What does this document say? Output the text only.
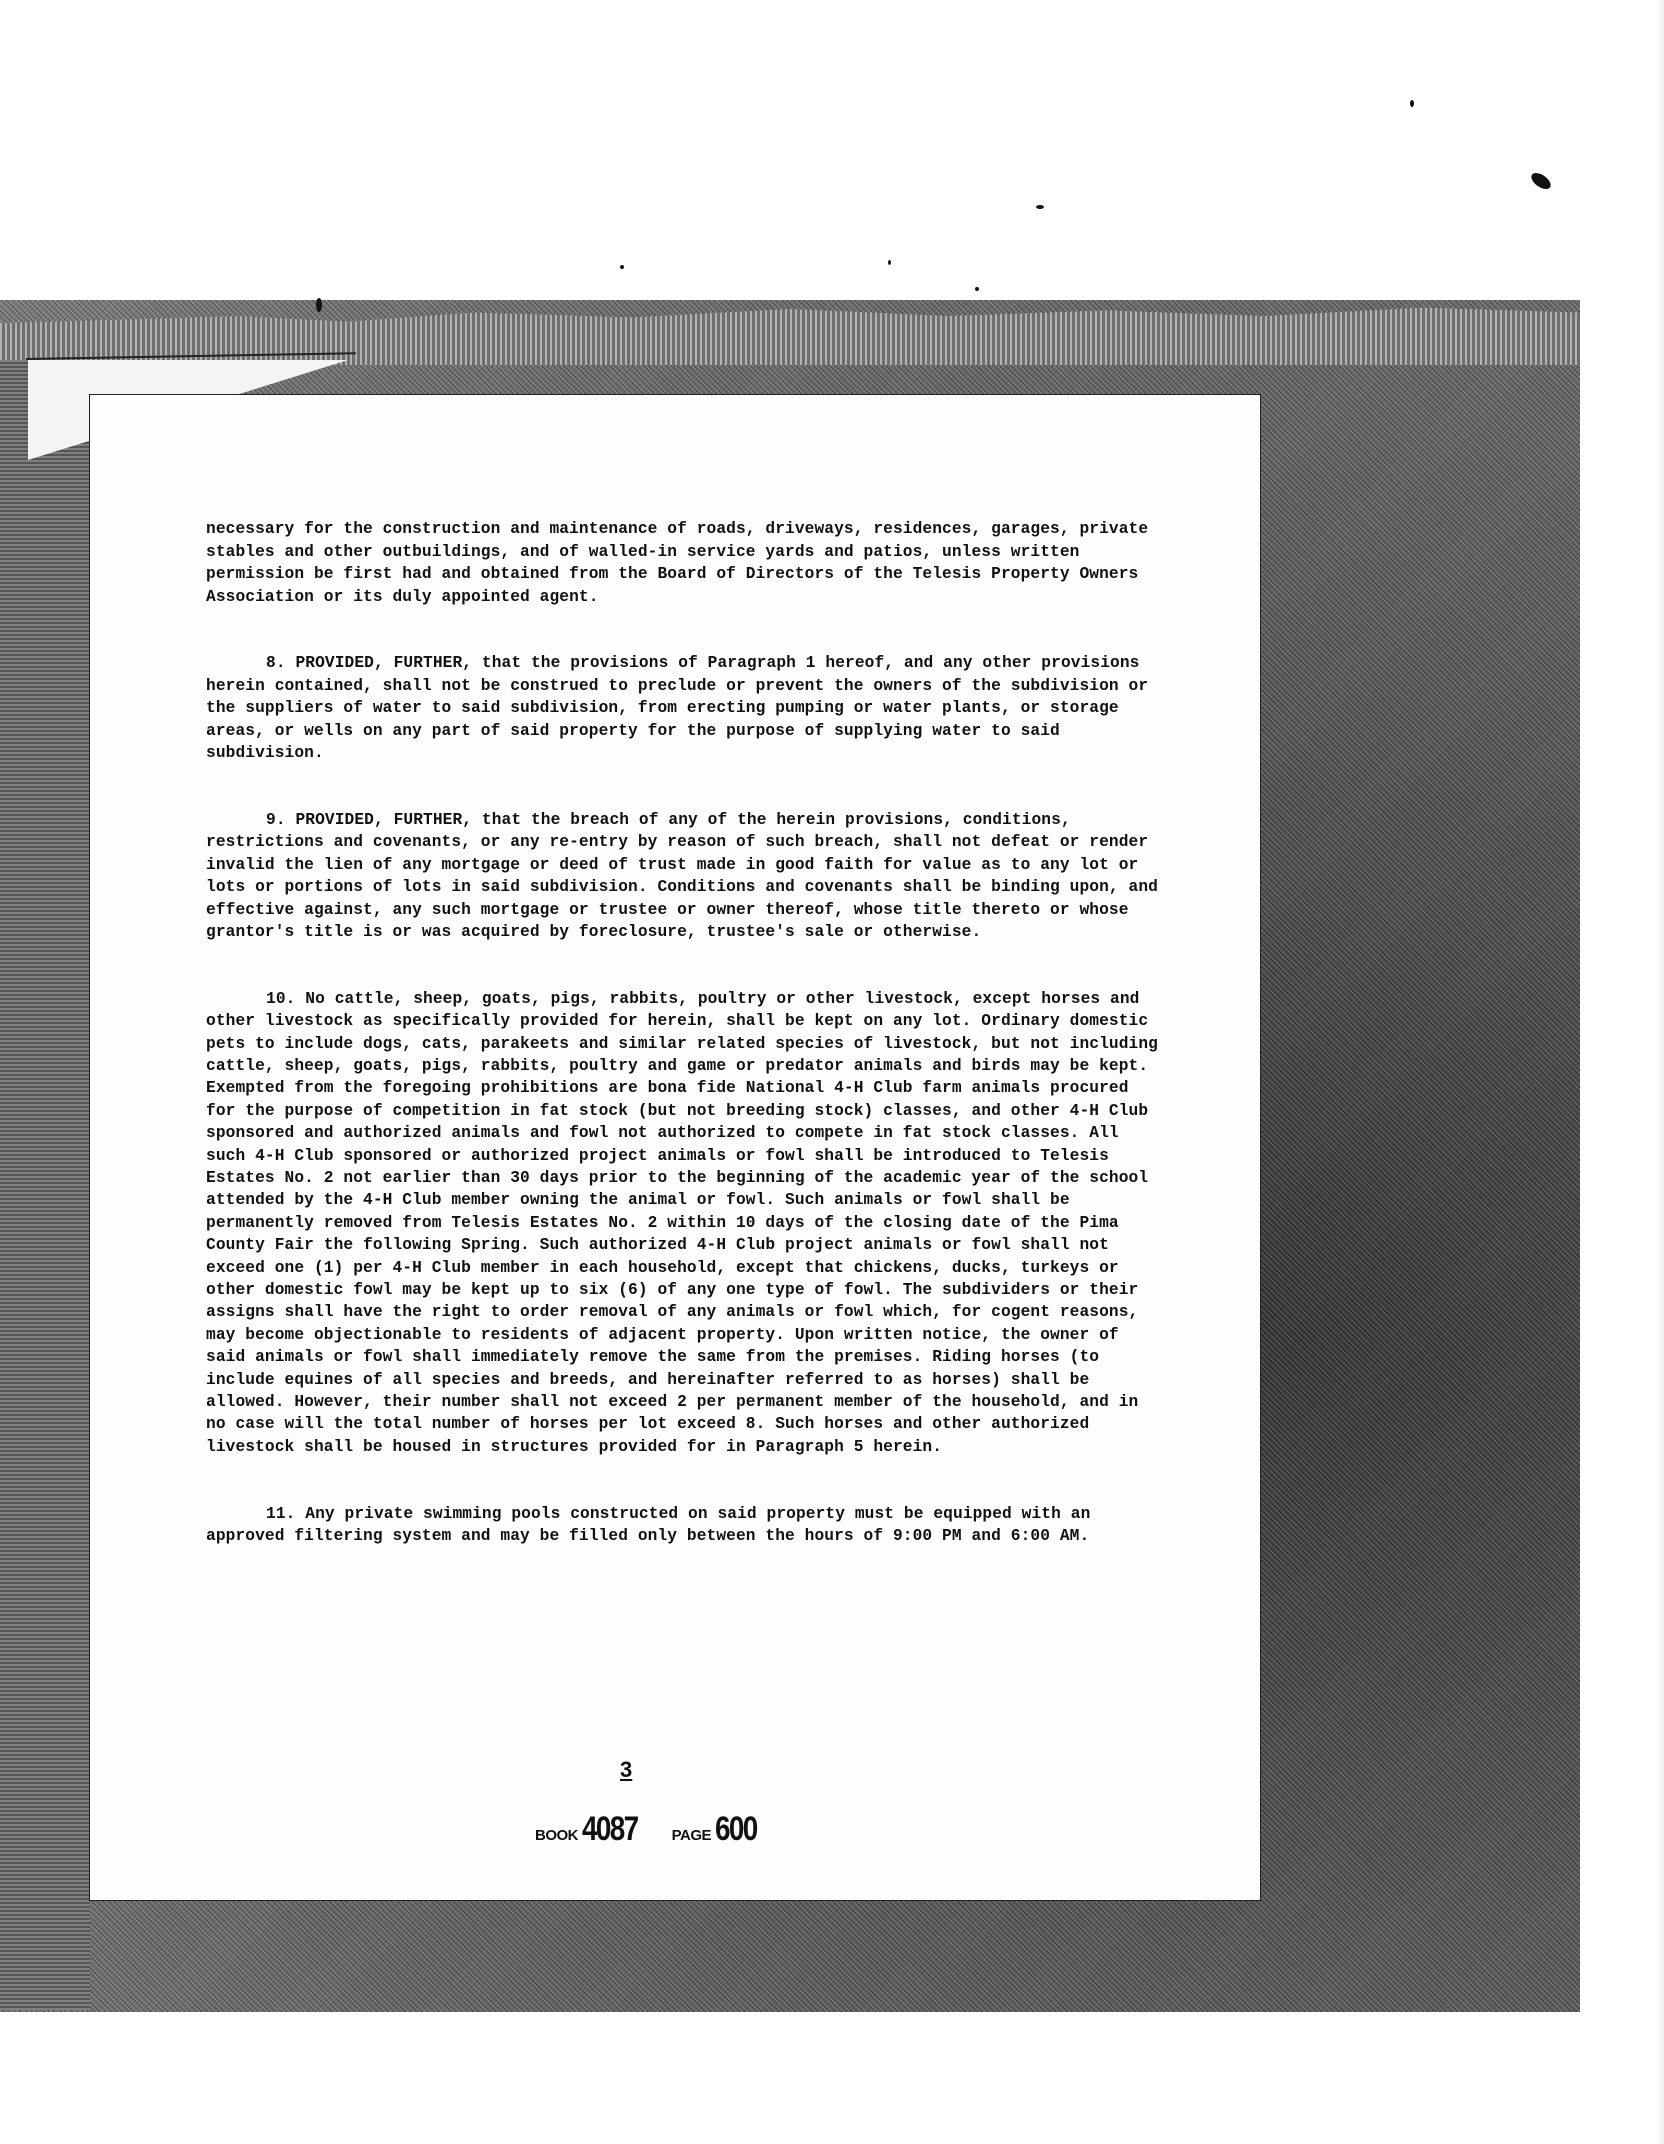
necessary for the construction and maintenance of roads, driveways, residences, garages, private stables and other outbuildings, and of walled-in service yards and patios, unless written permission be first had and obtained from the Board of Directors of the Telesis Property Owners Association or its duly appointed agent.

8. PROVIDED, FURTHER, that the provisions of Paragraph 1 hereof, and any other provisions herein contained, shall not be construed to preclude or prevent the owners of the subdivision or the suppliers of water to said subdivision, from erecting pumping or water plants, or storage areas, or wells on any part of said property for the purpose of supplying water to said subdivision.

9. PROVIDED, FURTHER, that the breach of any of the herein provisions, conditions, restrictions and covenants, or any re-entry by reason of such breach, shall not defeat or render invalid the lien of any mortgage or deed of trust made in good faith for value as to any lot or lots or portions of lots in said subdivision. Conditions and covenants shall be binding upon, and effective against, any such mortgage or trustee or owner thereof, whose title thereto or whose grantor's title is or was acquired by foreclosure, trustee's sale or otherwise.

10. No cattle, sheep, goats, pigs, rabbits, poultry or other livestock, except horses and other livestock as specifically provided for herein, shall be kept on any lot. Ordinary domestic pets to include dogs, cats, parakeets and similar related species of livestock, but not including cattle, sheep, goats, pigs, rabbits, poultry and game or predator animals and birds may be kept. Exempted from the foregoing prohibitions are bona fide National 4-H Club farm animals procured for the purpose of competition in fat stock (but not breeding stock) classes, and other 4-H Club sponsored and authorized animals and fowl not authorized to compete in fat stock classes. All such 4-H Club sponsored or authorized project animals or fowl shall be introduced to Telesis Estates No. 2 not earlier than 30 days prior to the beginning of the academic year of the school attended by the 4-H Club member owning the animal or fowl. Such animals or fowl shall be permanently removed from Telesis Estates No. 2 within 10 days of the closing date of the Pima County Fair the following Spring. Such authorized 4-H Club project animals or fowl shall not exceed one (1) per 4-H Club member in each household, except that chickens, ducks, turkeys or other domestic fowl may be kept up to six (6) of any one type of fowl. The subdividers or their assigns shall have the right to order removal of any animals or fowl which, for cogent reasons, may become objectionable to residents of adjacent property. Upon written notice, the owner of said animals or fowl shall immediately remove the same from the premises. Riding horses (to include equines of all species and breeds, and hereinafter referred to as horses) shall be allowed. However, their number shall not exceed 2 per permanent member of the household, and in no case will the total number of horses per lot exceed 8. Such horses and other authorized livestock shall be housed in structures provided for in Paragraph 5 herein.

11. Any private swimming pools constructed on said property must be equipped with an approved filtering system and may be filled only between the hours of 9:00 PM and 6:00 AM.

3
BOOK 4087 PAGE 600
